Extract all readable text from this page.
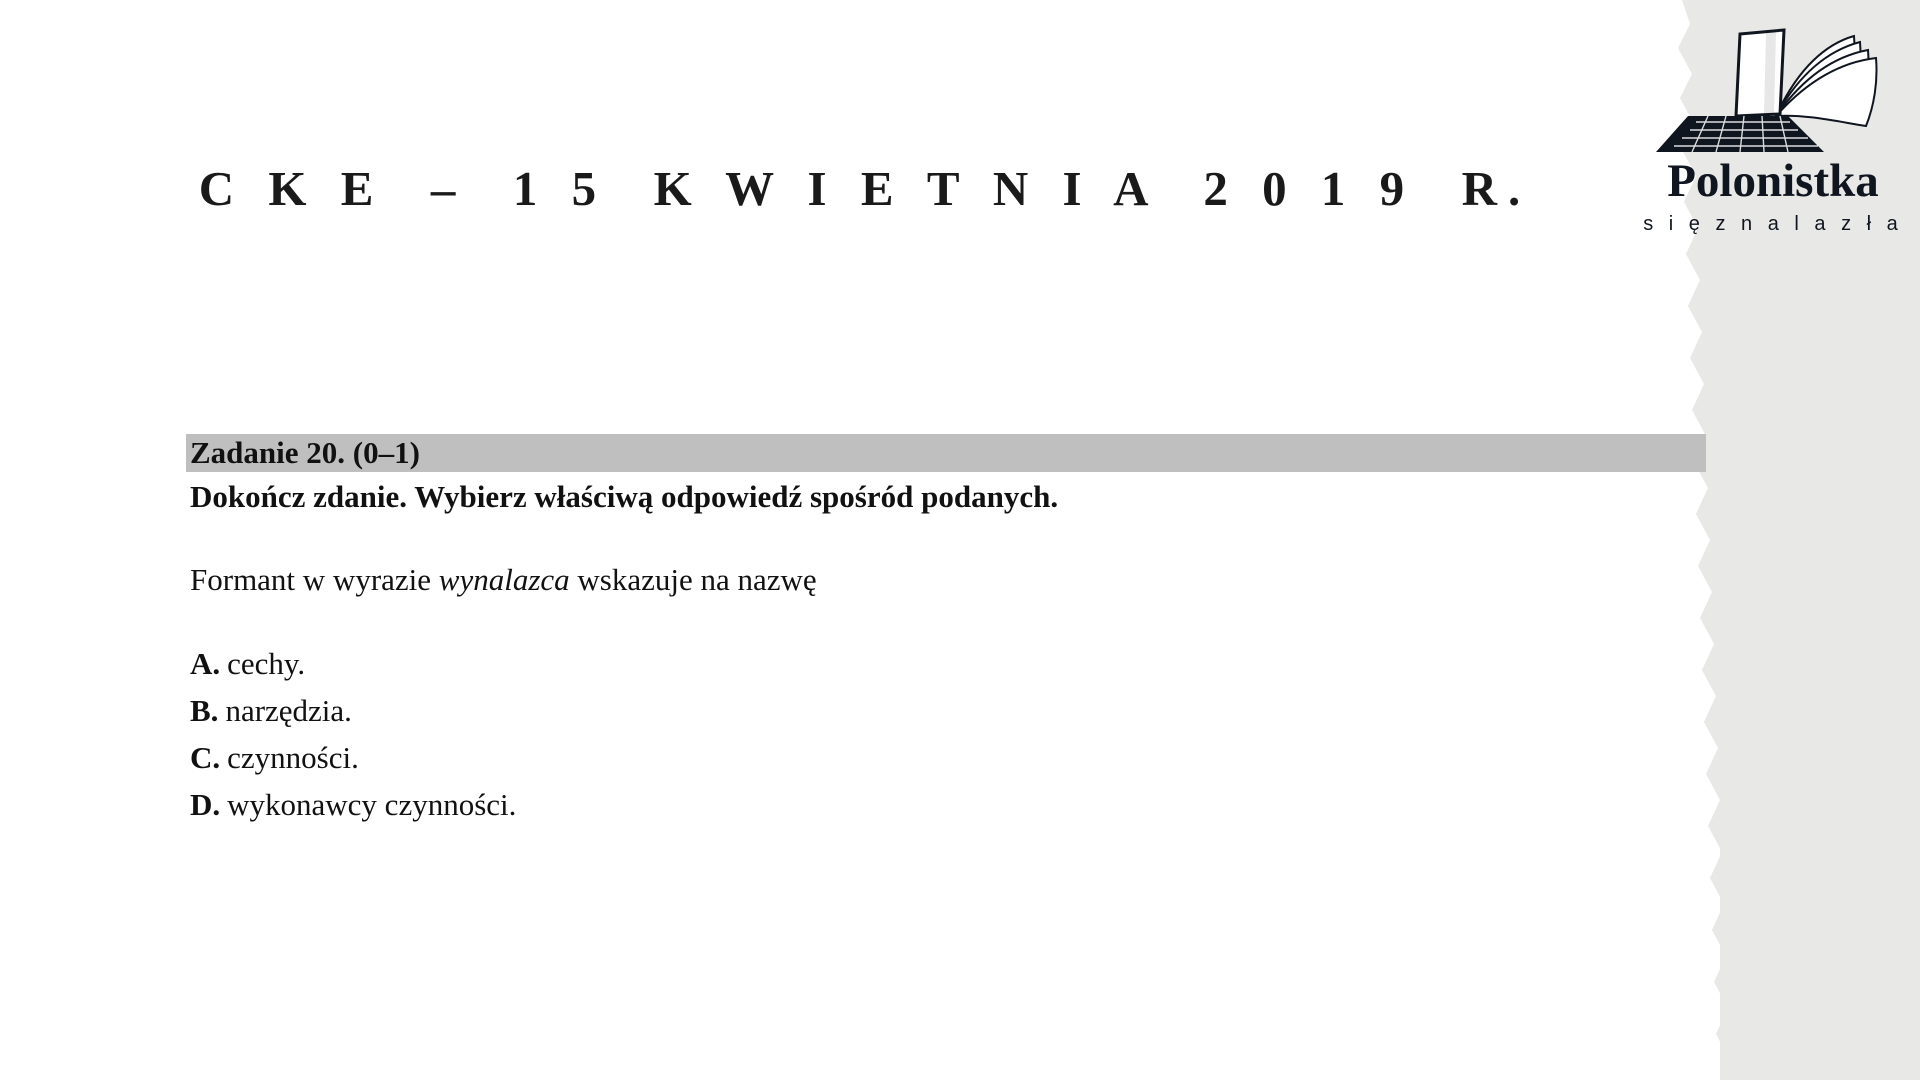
C K E  –  1 5  K W I E T N I A  2 0 1 9  R.	Polonistka
s i ę z n a l a z ł a
Zadanie 20. (0–1)
Dokończ zdanie. Wybierz właściwą odpowiedź spośród podanych.
Formant w wyrazie wynalazca wskazuje na nazwę
A. cechy.
B. narzędzia.
C. czynności.
D. wykonawcy czynności.
